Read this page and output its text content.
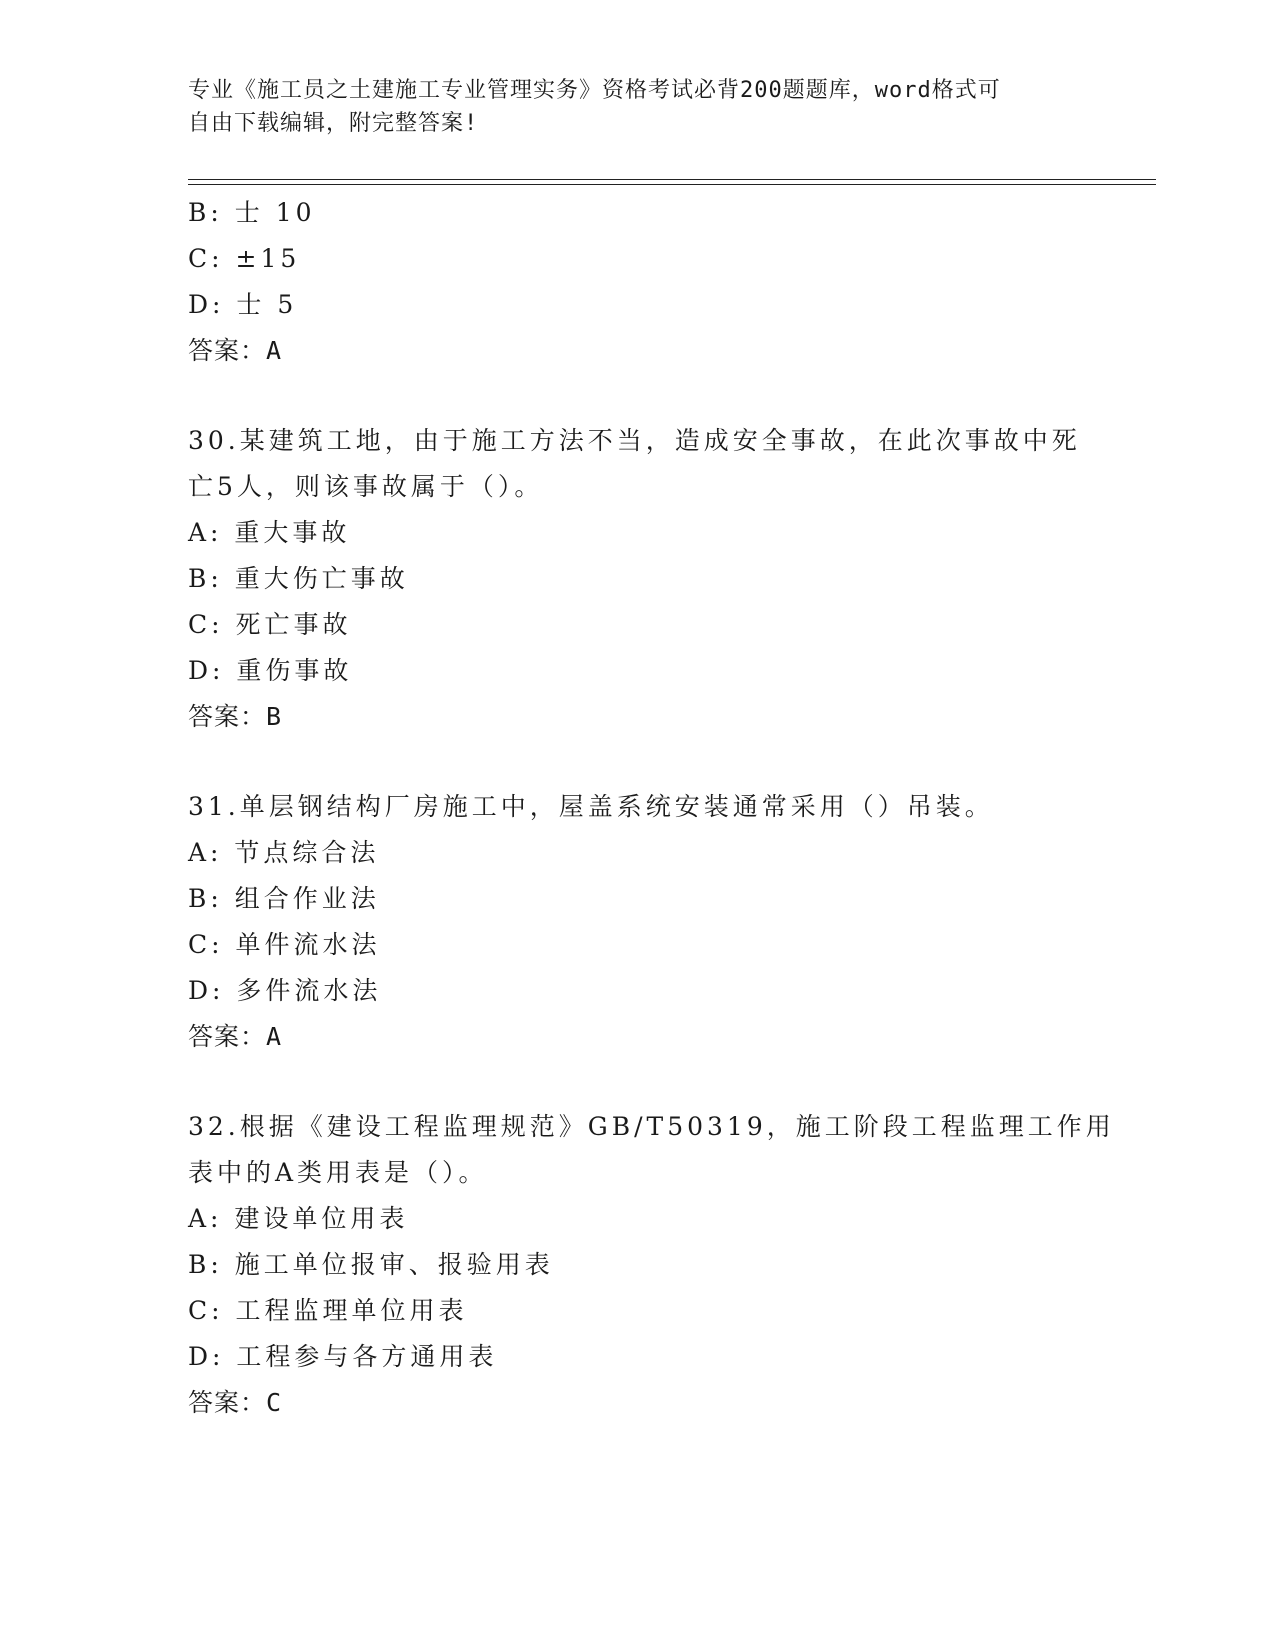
专业《施工员之土建施工专业管理实务》资格考试必背200题题库，word格式可
自由下载编辑，附完整答案!
B: 士 10
C: ±15
D: 士 5
答案：A
30.某建筑工地，由于施工方法不当，造成安全事故，在此次事故中死
亡5人，则该事故属于（）。
A: 重大事故
B: 重大伤亡事故
C: 死亡事故
D: 重伤事故
答案：B
31.单层钢结构厂房施工中，屋盖系统安装通常采用（）吊装。
A: 节点综合法
B: 组合作业法
C: 单件流水法
D: 多件流水法
答案：A
32.根据《建设工程监理规范》GB/T50319，施工阶段工程监理工作用
表中的A类用表是（）。
A: 建设单位用表
B: 施工单位报审、报验用表
C: 工程监理单位用表
D: 工程参与各方通用表
答案：C
